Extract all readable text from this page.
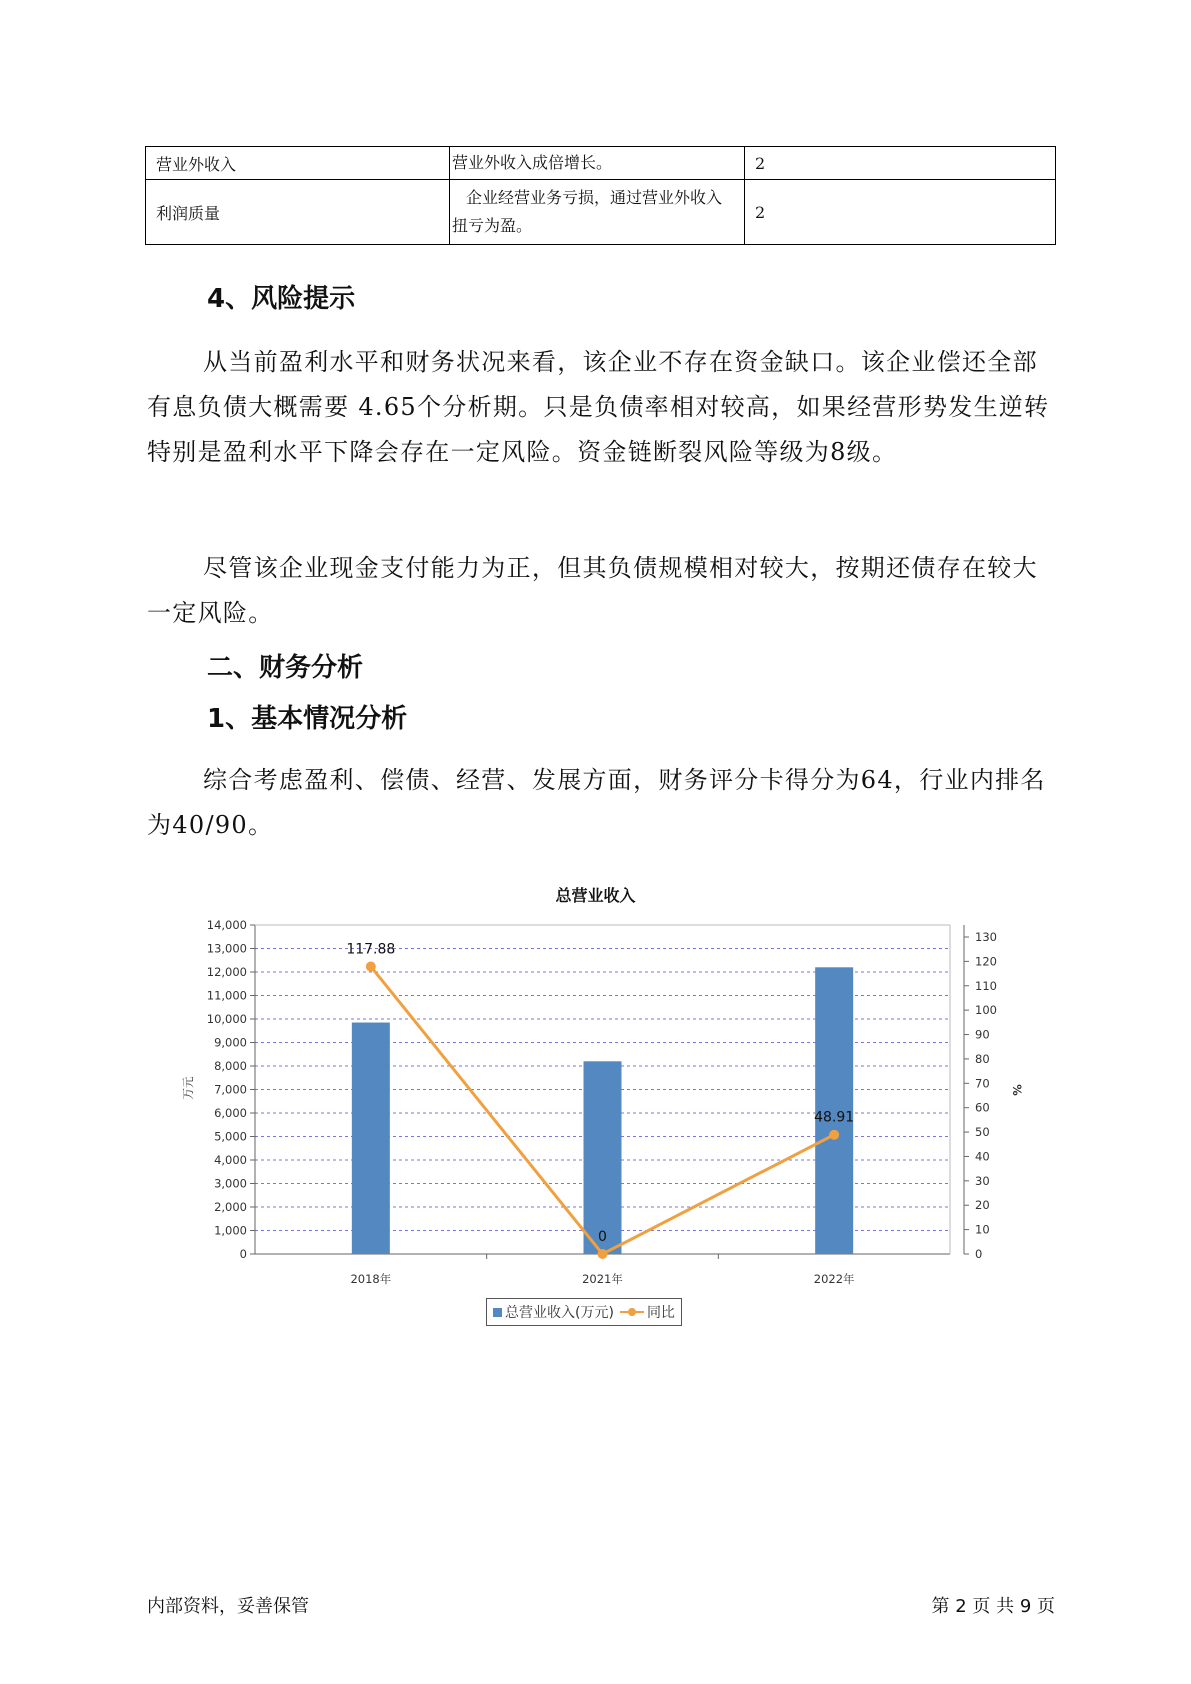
营业外收入	营业外收入成倍增长。	2
利润质量	企业经营业务亏损，通过营业外收入扭亏为盈。	2
4、风险提示

从当前盈利水平和财务状况来看，该企业不存在资金缺口。该企业偿还全部有息负债大概需要 4.65个分析期。只是负债率相对较高，如果经营形势发生逆转特别是盈利水平下降会存在一定风险。资金链断裂风险等级为8级。

尽管该企业现金支付能力为正，但其负债规模相对较大，按期还债存在较大一定风险。

二、财务分析
1、基本情况分析

综合考虑盈利、偿债、经营、发展方面，财务评分卡得分为64，行业内排名为40/90。

总营业收入
0
1,000
2,000
3,000
4,000
5,000
6,000
7,000
8,000
9,000
10,000
11,000
12,000
13,000
14,000
0
10
20
30
40
50
60
70
80
90
100
110
120
130
万元	%
2018年	2021年	2022年
117.88
0
48.91
总营业收入(万元) 同比
内部资料，妥善保管	第 2 页 共 9 页
